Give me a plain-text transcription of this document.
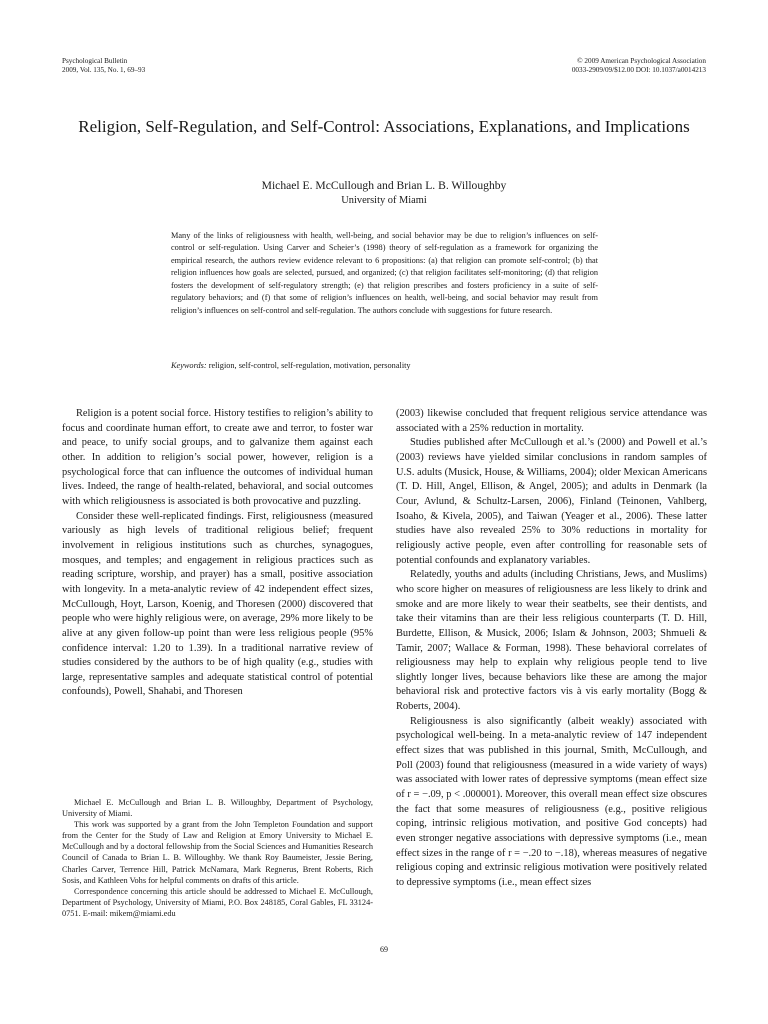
Psychological Bulletin
2009, Vol. 135, No. 1, 69–93
© 2009 American Psychological Association
0033-2909/09/$12.00 DOI: 10.1037/a0014213
Religion, Self-Regulation, and Self-Control: Associations, Explanations, and Implications
Michael E. McCullough and Brian L. B. Willoughby
University of Miami
Many of the links of religiousness with health, well-being, and social behavior may be due to religion’s influences on self-control or self-regulation. Using Carver and Scheier’s (1998) theory of self-regulation as a framework for organizing the empirical research, the authors review evidence relevant to 6 propositions: (a) that religion can promote self-control; (b) that religion influences how goals are selected, pursued, and organized; (c) that religion facilitates self-monitoring; (d) that religion fosters the development of self-regulatory strength; (e) that religion prescribes and fosters proficiency in a suite of self-regulatory behaviors; and (f) that some of religion’s influences on health, well-being, and social behavior may result from religion’s influences on self-control and self-regulation. The authors conclude with suggestions for future research.
Keywords: religion, self-control, self-regulation, motivation, personality

Religion is a potent social force. History testifies to religion’s ability to focus and coordinate human effort, to create awe and terror, to foster war and peace, to unify social groups, and to galvanize them against each other. In addition to religion’s social power, however, religion is a psychological force that can influence the outcomes of individual human lives. Indeed, the range of health-related, behavioral, and social outcomes with which religiousness is associated is both provocative and puzzling.

Consider these well-replicated findings. First, religiousness (measured variously as high levels of traditional religious belief; frequent involvement in religious institutions such as churches, synagogues, mosques, and temples; and engagement in religious practices such as reading scripture, worship, and prayer) has a small, positive association with longevity. In a meta-analytic review of 42 independent effect sizes, McCullough, Hoyt, Larson, Koenig, and Thoresen (2000) discovered that people who were highly religious were, on average, 29% more likely to be alive at any given follow-up point than were less religious people (95% confidence interval: 1.20 to 1.39). In a traditional narrative review of studies considered by the authors to be of high quality (e.g., studies with large, representative samples and adequate statistical control of potential confounds), Powell, Shahabi, and Thoresen

(2003) likewise concluded that frequent religious service attendance was associated with a 25% reduction in mortality.

Studies published after McCullough et al.’s (2000) and Powell et al.’s (2003) reviews have yielded similar conclusions in random samples of U.S. adults (Musick, House, & Williams, 2004); older Mexican Americans (T. D. Hill, Angel, Ellison, & Angel, 2005); and adults in Denmark (la Cour, Avlund, & Schultz-Larsen, 2006), Finland (Teinonen, Vahlberg, Isoaho, & Kivela, 2005), and Taiwan (Yeager et al., 2006). These latter studies have also revealed 25% to 30% reductions in mortality for religiously active people, even after controlling for reasonable sets of potential confounds and explanatory variables.

Relatedly, youths and adults (including Christians, Jews, and Muslims) who score higher on measures of religiousness are less likely to drink and smoke and are more likely to wear their seatbelts, see their dentists, and take their vitamins than are their less religious counterparts (T. D. Hill, Burdette, Ellison, & Musick, 2006; Islam & Johnson, 2003; Shmueli & Tamir, 2007; Wallace & Forman, 1998). These behavioral correlates of religiousness may help to explain why religious people tend to live slightly longer lives, because behaviors like these are among the major behavioral risk and protective factors vis à vis early mortality (Bogg & Roberts, 2004).

Religiousness is also significantly (albeit weakly) associated with psychological well-being. In a meta-analytic review of 147 independent effect sizes that was published in this journal, Smith, McCullough, and Poll (2003) found that religiousness (measured in a wide variety of ways) was associated with lower rates of depressive symptoms (mean effect size of r = −.09, p < .000001). Moreover, this overall mean effect size obscures the fact that some measures of religiousness (e.g., positive religious coping, intrinsic religious motivation, and positive God concepts) had even stronger negative associations with depressive symptoms (i.e., mean effect sizes in the range of r = −.20 to −.18), whereas measures of negative religious coping and extrinsic religious motivation were positively related to depressive symptoms (i.e., mean effect sizes

Michael E. McCullough and Brian L. B. Willoughby, Department of Psychology, University of Miami.

This work was supported by a grant from the John Templeton Foundation and support from the Center for the Study of Law and Religion at Emory University to Michael E. McCullough and by a doctoral fellowship from the Social Sciences and Humanities Research Council of Canada to Brian L. B. Willoughby. We thank Roy Baumeister, Jessie Bering, Charles Carver, Terrence Hill, Patrick McNamara, Mark Regnerus, Brent Roberts, Rich Sosis, and Kathleen Vohs for helpful comments on drafts of this article.

Correspondence concerning this article should be addressed to Michael E. McCullough, Department of Psychology, University of Miami, P.O. Box 248185, Coral Gables, FL 33124-0751. E-mail: mikem@miami.edu

69
